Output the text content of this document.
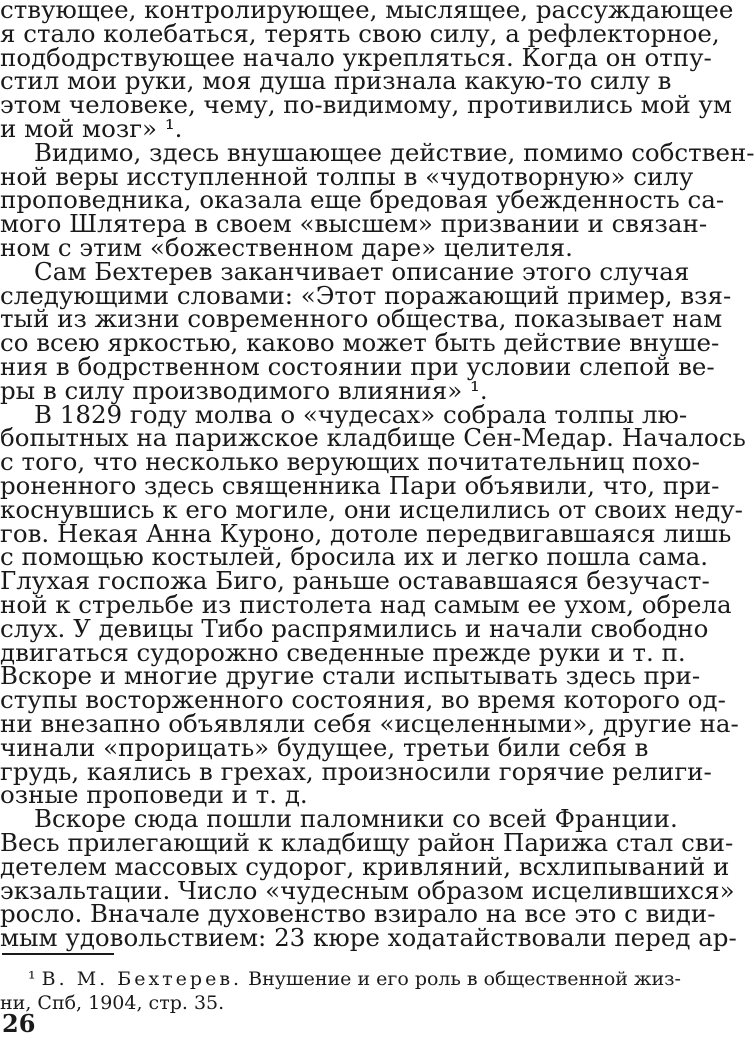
ствующее, контролирующее, мыслящее, рассуждающее
я стало колебаться, терять свою силу, а рефлекторное,
подбодрствующее начало укрепляться. Когда он отпу-
стил мои руки, моя душа признала какую-то силу в
этом человеке, чему, по-видимому, противились мой ум
и мой мозг» ¹.
Видимо, здесь внушающее действие, помимо собствен-
ной веры исступленной толпы в «чудотворную» силу
проповедника, оказала еще бредовая убежденность са-
мого Шлятера в своем «высшем» призвании и связан-
ном с этим «божественном даре» целителя.
Сам Бехтерев заканчивает описание этого случая
следующими словами: «Этот поражающий пример, взя-
тый из жизни современного общества, показывает нам
со всею яркостью, каково может быть действие внуше-
ния в бодрственном состоянии при условии слепой ве-
ры в силу производимого влияния» ¹.
В 1829 году молва о «чудесах» собрала толпы лю-
бопытных на парижское кладбище Сен-Медар. Началось
с того, что несколько верующих почитательниц похо-
роненного здесь священника Пари объявили, что, при-
коснувшись к его могиле, они исцелились от своих неду-
гов. Некая Анна Куроно, дотоле передвигавшаяся лишь
с помощью костылей, бросила их и легко пошла сама.
Глухая госпожа Биго, раньше остававшаяся безучаст-
ной к стрельбе из пистолета над самым ее ухом, обрела
слух. У девицы Тибо распрямились и начали свободно
двигаться судорожно сведенные прежде руки и т. п.
Вскоре и многие другие стали испытывать здесь при-
ступы восторженного состояния, во время которого од-
ни внезапно объявляли себя «исцеленными», другие на-
чинали «прорицать» будущее, третьи били себя в
грудь, каялись в грехах, произносили горячие религи-
озные проповеди и т. д.
Вскоре сюда пошли паломники со всей Франции.
Весь прилегающий к кладбищу район Парижа стал сви-
детелем массовых судорог, кривляний, всхлипываний и
экзальтации. Число «чудесным образом исцелившихся»
росло. Вначале духовенство взирало на все это с види-
мым удовольствием: 23 кюре ходатайствовали перед ар-
¹ В. М. Бехтерев. Внушение и его роль в общественной жиз-
ни, Спб, 1904, стр. 35.
26
